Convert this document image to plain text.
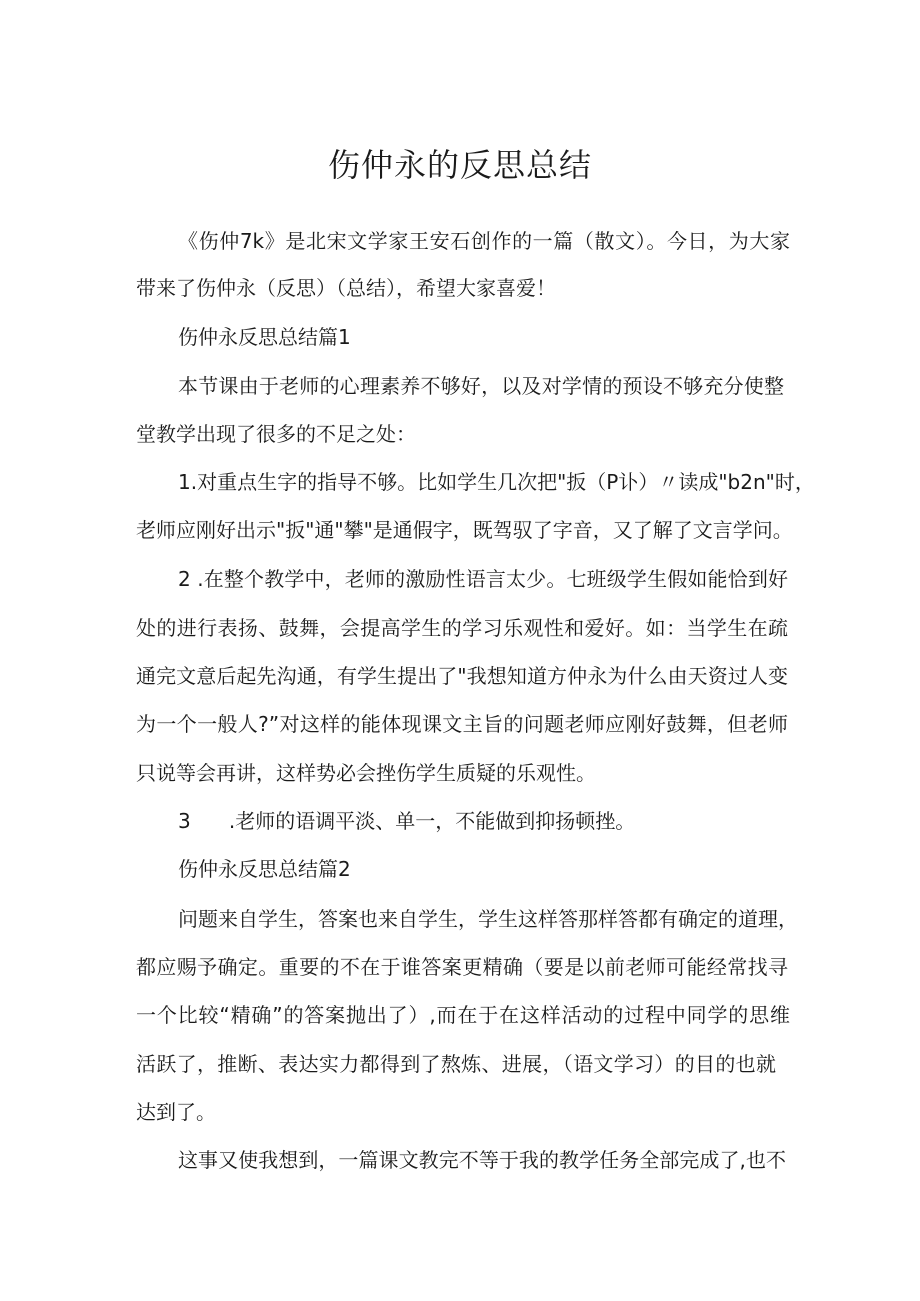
伤仲永的反思总结
《伤仲7k》是北宋文学家王安石创作的一篇（散文）。今日，为大家
带来了伤仲永（反思）（总结），希望大家喜爱！
伤仲永反思总结篇1
本节课由于老师的心理素养不够好，以及对学情的预设不够充分使整
堂教学出现了很多的不足之处：
1.对重点生字的指导不够。比如学生几次把"扳（P讣）〃读成"b2n"时，
老师应刚好出示"扳"通"攀"是通假字，既驾驭了字音，又了解了文言学问。
2 .在整个教学中，老师的激励性语言太少。七班级学生假如能恰到好
处的进行表扬、鼓舞，会提高学生的学习乐观性和爱好。如：当学生在疏
通完文意后起先沟通，有学生提出了"我想知道方仲永为什么由天资过人变
为一个一般人?”对这样的能体现课文主旨的问题老师应刚好鼓舞，但老师
只说等会再讲，这样势必会挫伤学生质疑的乐观性。
3      .老师的语调平淡、单一，不能做到抑扬顿挫。
伤仲永反思总结篇2
问题来自学生，答案也来自学生，学生这样答那样答都有确定的道理，
都应赐予确定。重要的不在于谁答案更精确（要是以前老师可能经常找寻
一个比较“精确”的答案抛出了）,而在于在这样活动的过程中同学的思维
活跃了，推断、表达实力都得到了熬炼、进展，（语文学习）的目的也就
达到了。
这事又使我想到，一篇课文教完不等于我的教学任务全部完成了,也不
